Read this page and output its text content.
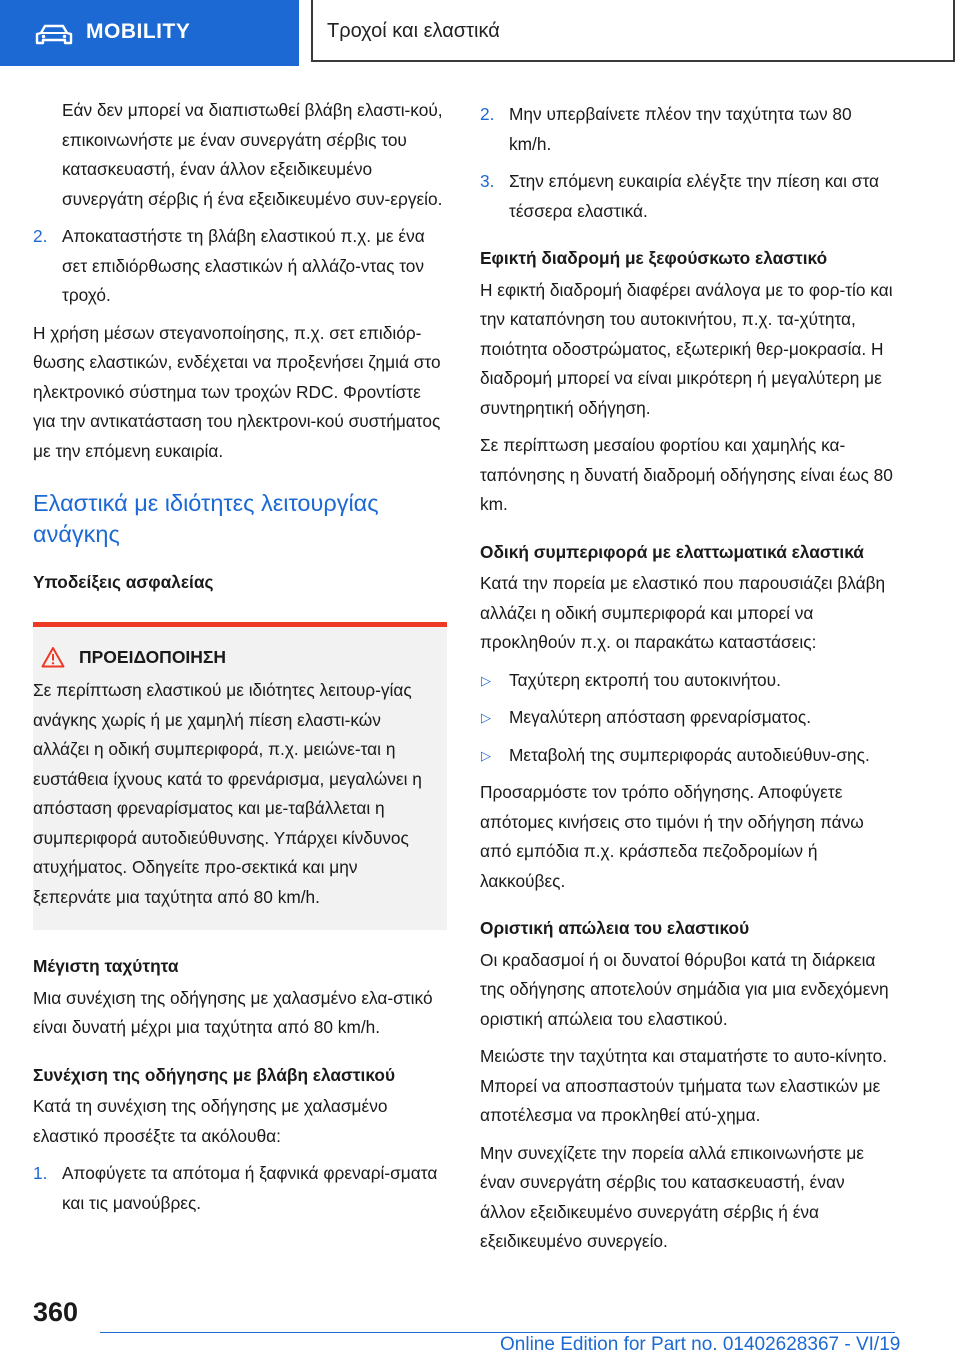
MOBILITY	Τροχοί και ελαστικά

Εάν δεν μπορεί να διαπιστωθεί βλάβη ελαστι-κού, επικοινωνήστε με έναν συνεργάτη σέρβις του κατασκευαστή, έναν άλλον εξειδικευμένο συνεργάτη σέρβις ή ένα εξειδικευμένο συν-εργείο.

2. Αποκαταστήστε τη βλάβη ελαστικού π.χ. με ένα σετ επιδιόρθωσης ελαστικών ή αλλάζο-ντας τον τροχό.

Η χρήση μέσων στεγανοποίησης, π.χ. σετ επιδιόρ-θωσης ελαστικών, ενδέχεται να προξενήσει ζημιά στο ηλεκτρονικό σύστημα των τροχών RDC. Φροντίστε για την αντικατάσταση του ηλεκτρονι-κού συστήματος με την επόμενη ευκαιρία.

Ελαστικά με ιδιότητες λειτουργίας ανάγκης
Υποδείξεις ασφαλείας
ΠΡΟΕΙΔΟΠΟΙΗΣΗ
Σε περίπτωση ελαστικού με ιδιότητες λειτουρ-γίας ανάγκης χωρίς ή με χαμηλή πίεση ελαστι-κών αλλάζει η οδική συμπεριφορά, π.χ. μειώνε-ται η ευστάθεια ίχνους κατά το φρενάρισμα, μεγαλώνει η απόσταση φρεναρίσματος και με-ταβάλλεται η συμπεριφορά αυτοδιεύθυνσης. Υπάρχει κίνδυνος ατυχήματος. Οδηγείτε προ-σεκτικά και μην ξεπερνάτε μια ταχύτητα από 80 km/h.
Μέγιστη ταχύτητα

Μια συνέχιση της οδήγησης με χαλασμένο ελα-στικό είναι δυνατή μέχρι μια ταχύτητα από 80 km/h.

Συνέχιση της οδήγησης με βλάβη ελαστικού

Κατά τη συνέχιση της οδήγησης με χαλασμένο ελαστικό προσέξτε τα ακόλουθα:

1. Αποφύγετε τα απότομα ή ξαφνικά φρεναρί-σματα και τις μανούβρες.
2. Μην υπερβαίνετε πλέον την ταχύτητα των 80 km/h.
3. Στην επόμενη ευκαιρία ελέγξτε την πίεση και στα τέσσερα ελαστικά.
Εφικτή διαδρομή με ξεφούσκωτο ελαστικό

Η εφικτή διαδρομή διαφέρει ανάλογα με το φορ-τίο και την καταπόνηση του αυτοκινήτου, π.χ. τα-χύτητα, ποιότητα οδοστρώματος, εξωτερική θερ-μοκρασία. Η διαδρομή μπορεί να είναι μικρότερη ή μεγαλύτερη με συντηρητική οδήγηση.

Σε περίπτωση μεσαίου φορτίου και χαμηλής κα-ταπόνησης η δυνατή διαδρομή οδήγησης είναι έως 80 km.

Οδική συμπεριφορά με ελαττωματικά ελαστικά

Κατά την πορεία με ελαστικό που παρουσιάζει βλάβη αλλάζει η οδική συμπεριφορά και μπορεί να προκληθούν π.χ. οι παρακάτω καταστάσεις:

▷ Ταχύτερη εκτροπή του αυτοκινήτου.
▷ Μεγαλύτερη απόσταση φρεναρίσματος.
▷ Μεταβολή της συμπεριφοράς αυτοδιεύθυν-σης.

Προσαρμόστε τον τρόπο οδήγησης. Αποφύγετε απότομες κινήσεις στο τιμόνι ή την οδήγηση πάνω από εμπόδια π.χ. κράσπεδα πεζοδρομίων ή λακκούβες.

Οριστική απώλεια του ελαστικού

Οι κραδασμοί ή οι δυνατοί θόρυβοι κατά τη διάρκεια της οδήγησης αποτελούν σημάδια για μια ενδεχόμενη οριστική απώλεια του ελαστικού.

Μειώστε την ταχύτητα και σταματήστε το αυτο-κίνητο. Μπορεί να αποσπαστούν τμήματα των ελαστικών με αποτέλεσμα να προκληθεί ατύ-χημα.

Μην συνεχίζετε την πορεία αλλά επικοινωνήστε με έναν συνεργάτη σέρβις του κατασκευαστή, έναν άλλον εξειδικευμένο συνεργάτη σέρβις ή ένα εξειδικευμένο συνεργείο.

360
Online Edition for Part no. 01402628367 - VI/19
